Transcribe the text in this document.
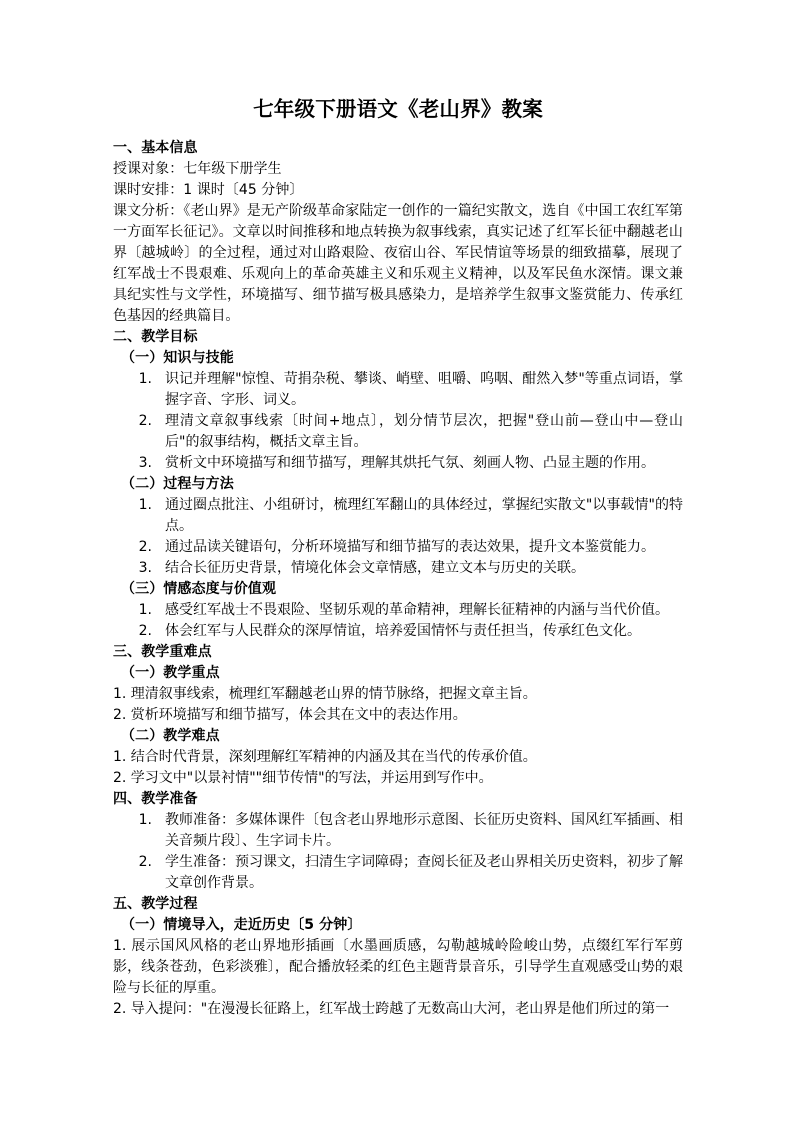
七年级下册语文《老山界》教案
一、基本信息

授课对象：七年级下册学生

课时安排：1 课时〔45 分钟〕

课文分析：《老山界》是无产阶级革命家陆定一创作的一篇纪实散文，选自《中国工农红军第一方面军长征记》。文章以时间推移和地点转换为叙事线索，真实记述了红军长征中翻越老山界〔越城岭〕的全过程，通过对山路艰险、夜宿山谷、军民情谊等场景的细致描摹，展现了红军战士不畏艰难、乐观向上的革命英雄主义和乐观主义精神，以及军民鱼水深情。课文兼具纪实性与文学性，环境描写、细节描写极具感染力，是培养学生叙事文鉴赏能力、传承红色基因的经典篇目。

二、教学目标
（一）知识与技能
1. 识记并理解"惊惶、苛捐杂税、攀谈、峭壁、咀嚼、呜咽、酣然入梦"等重点词语，掌握字音、字形、词义。
2. 理清文章叙事线索〔时间+地点〕，划分情节层次，把握"登山前—登山中—登山后"的叙事结构，概括文章主旨。
3. 赏析文中环境描写和细节描写，理解其烘托气氛、刻画人物、凸显主题的作用。
（二）过程与方法
1. 通过圈点批注、小组研讨，梳理红军翻山的具体经过，掌握纪实散文"以事载情"的特点。
2. 通过品读关键语句，分析环境描写和细节描写的表达效果，提升文本鉴赏能力。
3. 结合长征历史背景，情境化体会文章情感，建立文本与历史的关联。
（三）情感态度与价值观
1. 感受红军战士不畏艰险、坚韧乐观的革命精神，理解长征精神的内涵与当代价值。
2. 体会红军与人民群众的深厚情谊，培养爱国情怀与责任担当，传承红色文化。
三、教学重难点
（一）教学重点

1. 理清叙事线索，梳理红军翻越老山界的情节脉络，把握文章主旨。

2. 赏析环境描写和细节描写，体会其在文中的表达作用。

（二）教学难点

1. 结合时代背景，深刻理解红军精神的内涵及其在当代的传承价值。

2. 学习文中"以景衬情""细节传情"的写法，并运用到写作中。

四、教学准备
1. 教师准备：多媒体课件〔包含老山界地形示意图、长征历史资料、国风红军插画、相关音频片段〕、生字词卡片。
2. 学生准备：预习课文，扫清生字词障碍；查阅长征及老山界相关历史资料，初步了解文章创作背景。
五、教学过程
（一）情境导入，走近历史〔5 分钟〕

1. 展示国风风格的老山界地形插画〔水墨画质感，勾勒越城岭险峻山势，点缀红军行军剪影，线条苍劲，色彩淡雅〕，配合播放轻柔的红色主题背景音乐，引导学生直观感受山势的艰险与长征的厚重。

2. 导入提问："在漫漫长征路上，红军战士跨越了无数高山大河，老山界是他们所过的第一
